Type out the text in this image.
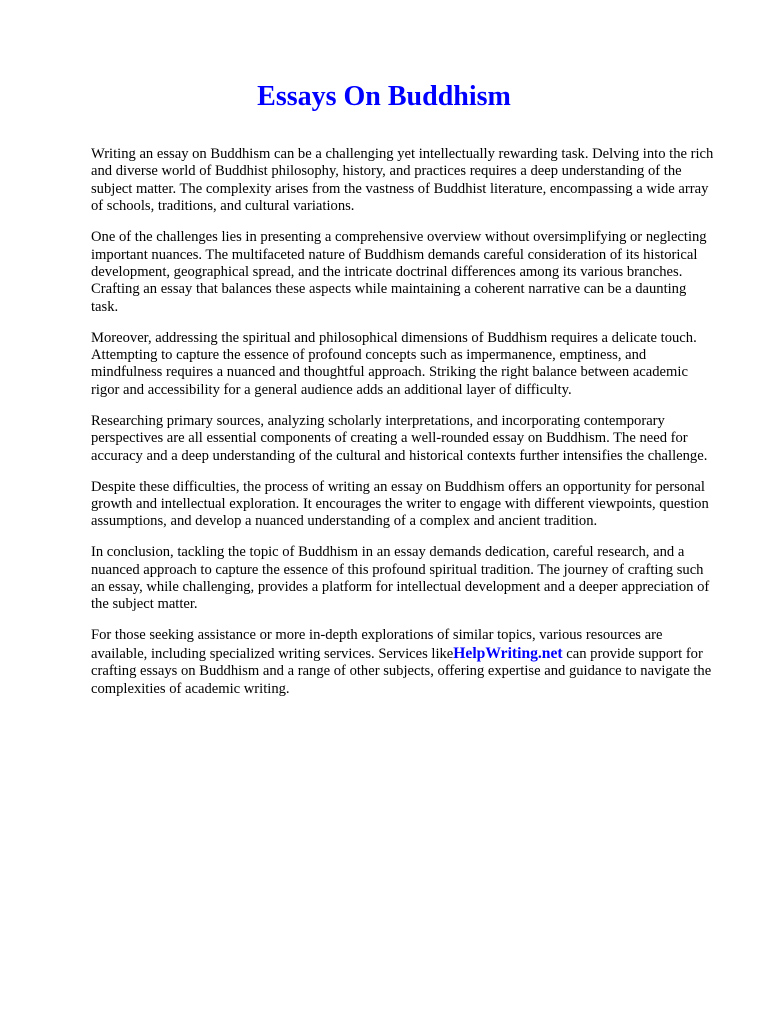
Essays On Buddhism

Writing an essay on Buddhism can be a challenging yet intellectually rewarding task. Delving into the rich and diverse world of Buddhist philosophy, history, and practices requires a deep understanding of the subject matter. The complexity arises from the vastness of Buddhist literature, encompassing a wide array of schools, traditions, and cultural variations.

One of the challenges lies in presenting a comprehensive overview without oversimplifying or neglecting important nuances. The multifaceted nature of Buddhism demands careful consideration of its historical development, geographical spread, and the intricate doctrinal differences among its various branches. Crafting an essay that balances these aspects while maintaining a coherent narrative can be a daunting task.

Moreover, addressing the spiritual and philosophical dimensions of Buddhism requires a delicate touch. Attempting to capture the essence of profound concepts such as impermanence, emptiness, and mindfulness requires a nuanced and thoughtful approach. Striking the right balance between academic rigor and accessibility for a general audience adds an additional layer of difficulty.

Researching primary sources, analyzing scholarly interpretations, and incorporating contemporary perspectives are all essential components of creating a well-rounded essay on Buddhism. The need for accuracy and a deep understanding of the cultural and historical contexts further intensifies the challenge.

Despite these difficulties, the process of writing an essay on Buddhism offers an opportunity for personal growth and intellectual exploration. It encourages the writer to engage with different viewpoints, question assumptions, and develop a nuanced understanding of a complex and ancient tradition.

In conclusion, tackling the topic of Buddhism in an essay demands dedication, careful research, and a nuanced approach to capture the essence of this profound spiritual tradition. The journey of crafting such an essay, while challenging, provides a platform for intellectual development and a deeper appreciation of the subject matter.

For those seeking assistance or more in-depth explorations of similar topics, various resources are available, including specialized writing services. Services likeHelpWriting.net can provide support for crafting essays on Buddhism and a range of other subjects, offering expertise and guidance to navigate the complexities of academic writing.
